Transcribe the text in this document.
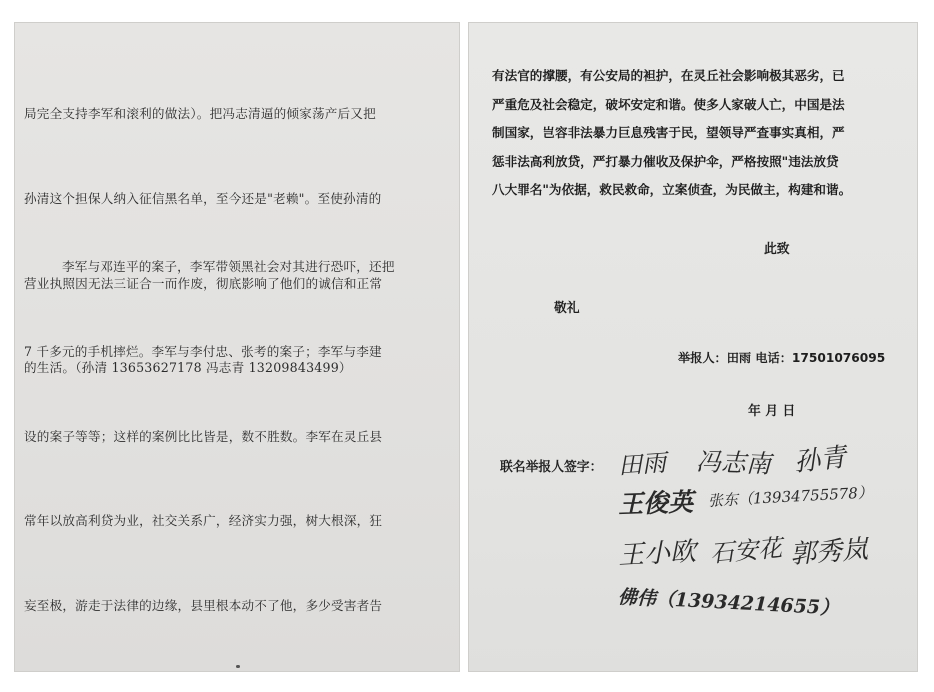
局完全支持李军和滚利的做法）。把冯志清逼的倾家荡产后又把

孙清这个担保人纳入征信黑名单，至今还是"老赖"。至使孙清的

营业执照因无法三证合一而作废，彻底影响了他们的诚信和正常

的生活。（孙清 13653627178 冯志青 13209843499）

李军与邓连平的案子，李军带领黑社会对其进行恐吓，还把

7 千多元的手机摔烂。李军与李付忠、张考的案子；李军与李建

设的案子等等；这样的案例比比皆是，数不胜数。李军在灵丘县

常年以放高利贷为业，社交关系广，经济实力强，树大根深，狂

妄至极，游走于法律的边缘，县里根本动不了他，多少受害者告

有法官的撑腰，有公安局的袒护，在灵丘社会影响极其恶劣，已
严重危及社会稳定，破坏安定和谐。使多人家破人亡，中国是法
制国家，岂容非法暴力巨息残害于民，望领导严查事实真相，严
惩非法高利放贷，严打暴力催收及保护伞，严格按照"违法放贷
八大罪名"为依据，救民救命，立案侦查，为民做主，构建和谐。
此致
敬礼
举报人：田雨 电话：17501076095
年 月 日
联名举报人签字： 田雨 冯志南 孙青
王俊英 张东（13934755578）
王小欧 石安花 郭秀岚
佛伟（13934214655）
